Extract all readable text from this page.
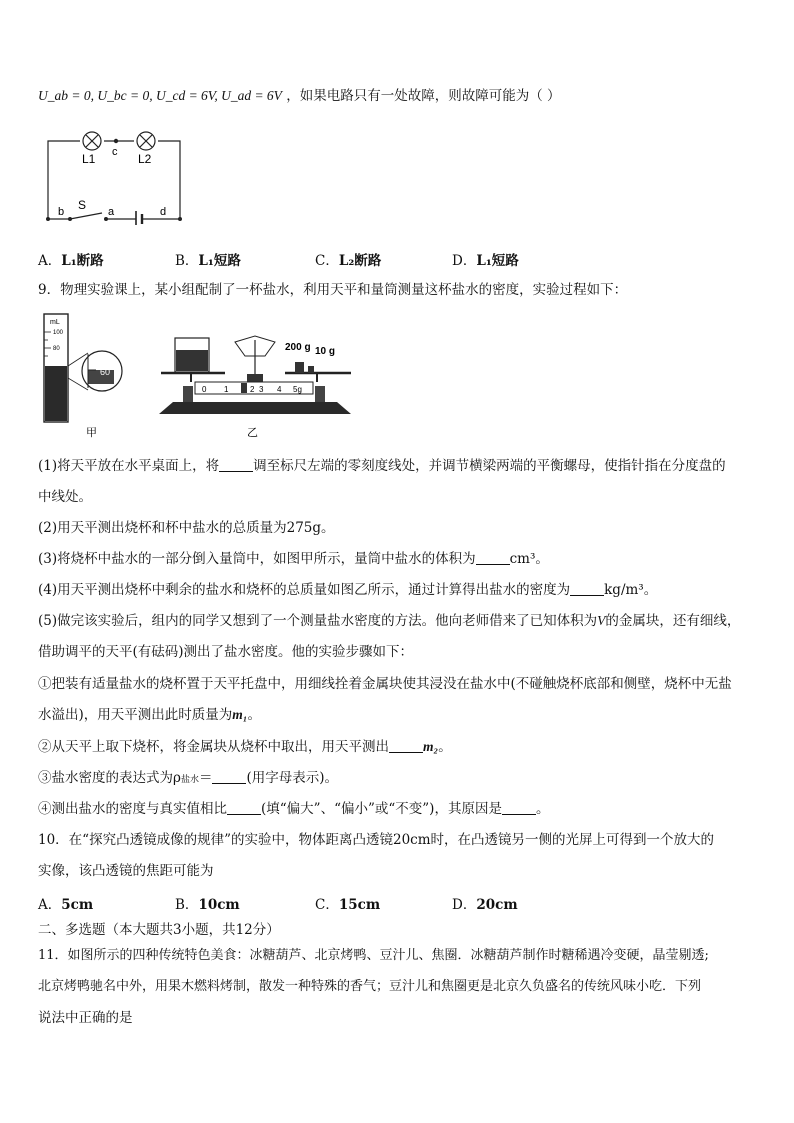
U_ab = 0, U_bc = 0, U_cd = 6V, U_ad = 6V ，如果电路只有一处故障，则故障可能为（ ）
L1 c L2
b S a	d
A．L₁断路	B．L₁短路	C．L₂断路	D．L₁短路
9．物理实验课上，某小组配制了一杯盐水，利用天平和量筒测量这杯盐水的密度，实验过程如下：
mL
100
80
60
甲
200 g 10 g
0 1	2 3 4 5g
乙
(1)将天平放在水平桌面上，将	调至标尺左端的零刻度线处，并调节横梁两端的平衡螺母，使指针指在分度盘的
中线处。
(2)用天平测出烧杯和杯中盐水的总质量为275g。
(3)将烧杯中盐水的一部分倒入量筒中，如图甲所示，量筒中盐水的体积为	cm³。
(4)用天平测出烧杯中剩余的盐水和烧杯的总质量如图乙所示，通过计算得出盐水的密度为	kg/m³。
(5)做完该实验后，组内的同学又想到了一个测量盐水密度的方法。他向老师借来了已知体积为V的金属块，还有细线，
借助调平的天平(有砝码)测出了盐水密度。他的实验步骤如下：
①把装有适量盐水的烧杯置于天平托盘中，用细线拴着金属块使其浸没在盐水中(不碰触烧杯底部和侧壁，烧杯中无盐
水溢出)，用天平测出此时质量为m₁。
②从天平上取下烧杯，将金属块从烧杯中取出，用天平测出	m₂。
③盐水密度的表达式为ρ盐水＝	(用字母表示)。
④测出盐水的密度与真实值相比	(填“偏大”、“偏小”或“不变”)，其原因是	。
10．在“探究凸透镜成像的规律”的实验中，物体距离凸透镜20cm时，在凸透镜另一侧的光屏上可得到一个放大的
实像，该凸透镜的焦距可能为
A．5cm	B．10cm	C．15cm	D．20cm
二、多选题（本大题共3小题，共12分）
11．如图所示的四种传统特色美食：冰糖葫芦、北京烤鸭、豆汁儿、焦圈．冰糖葫芦制作时糖稀遇冷变硬，晶莹剔透;
北京烤鸭驰名中外，用果木燃料烤制，散发一种特殊的香气；豆汁儿和焦圈更是北京久负盛名的传统风味小吃．下列
说法中正确的是
